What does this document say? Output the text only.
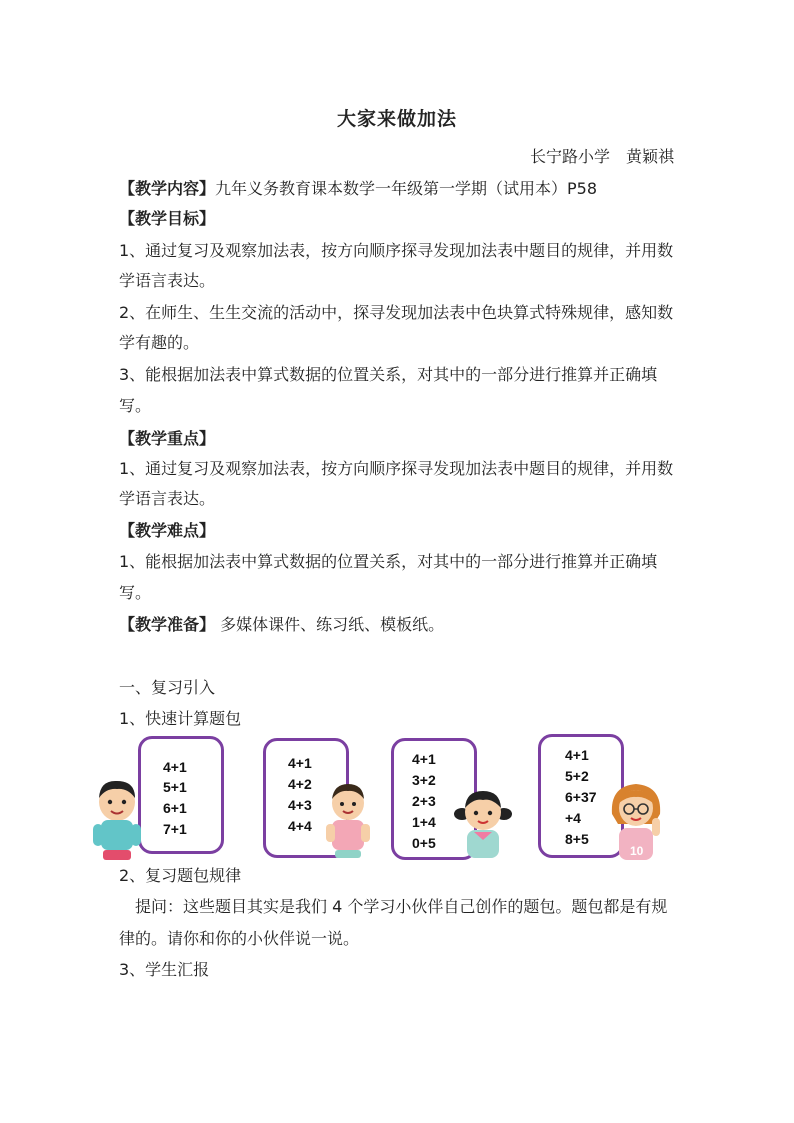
大家来做加法
长宁路小学　黄颖祺
【教学内容】九年义务教育课本数学一年级第一学期（试用本）P58
【教学目标】
1、通过复习及观察加法表，按方向顺序探寻发现加法表中题目的规律，并用数
学语言表达。
2、在师生、生生交流的活动中，探寻发现加法表中色块算式特殊规律，感知数
学有趣的。
3、能根据加法表中算式数据的位置关系，对其中的一部分进行推算并正确填
写。
【教学重点】
1、通过复习及观察加法表，按方向顺序探寻发现加法表中题目的规律，并用数
学语言表达。
【教学难点】
1、能根据加法表中算式数据的位置关系，对其中的一部分进行推算并正确填
写。
【教学准备】 多媒体课件、练习纸、模板纸。
一、复习引入
1、快速计算题包
4+1
5+1
6+1
7+1
4+1
4+2
4+3
4+4
4+1
3+2
2+3
1+4
0+5
4+1
5+2
6+37
+4
8+5
10
2、复习题包规律
提问：这些题目其实是我们 4 个学习小伙伴自己创作的题包。题包都是有规
律的。请你和你的小伙伴说一说。
3、学生汇报
